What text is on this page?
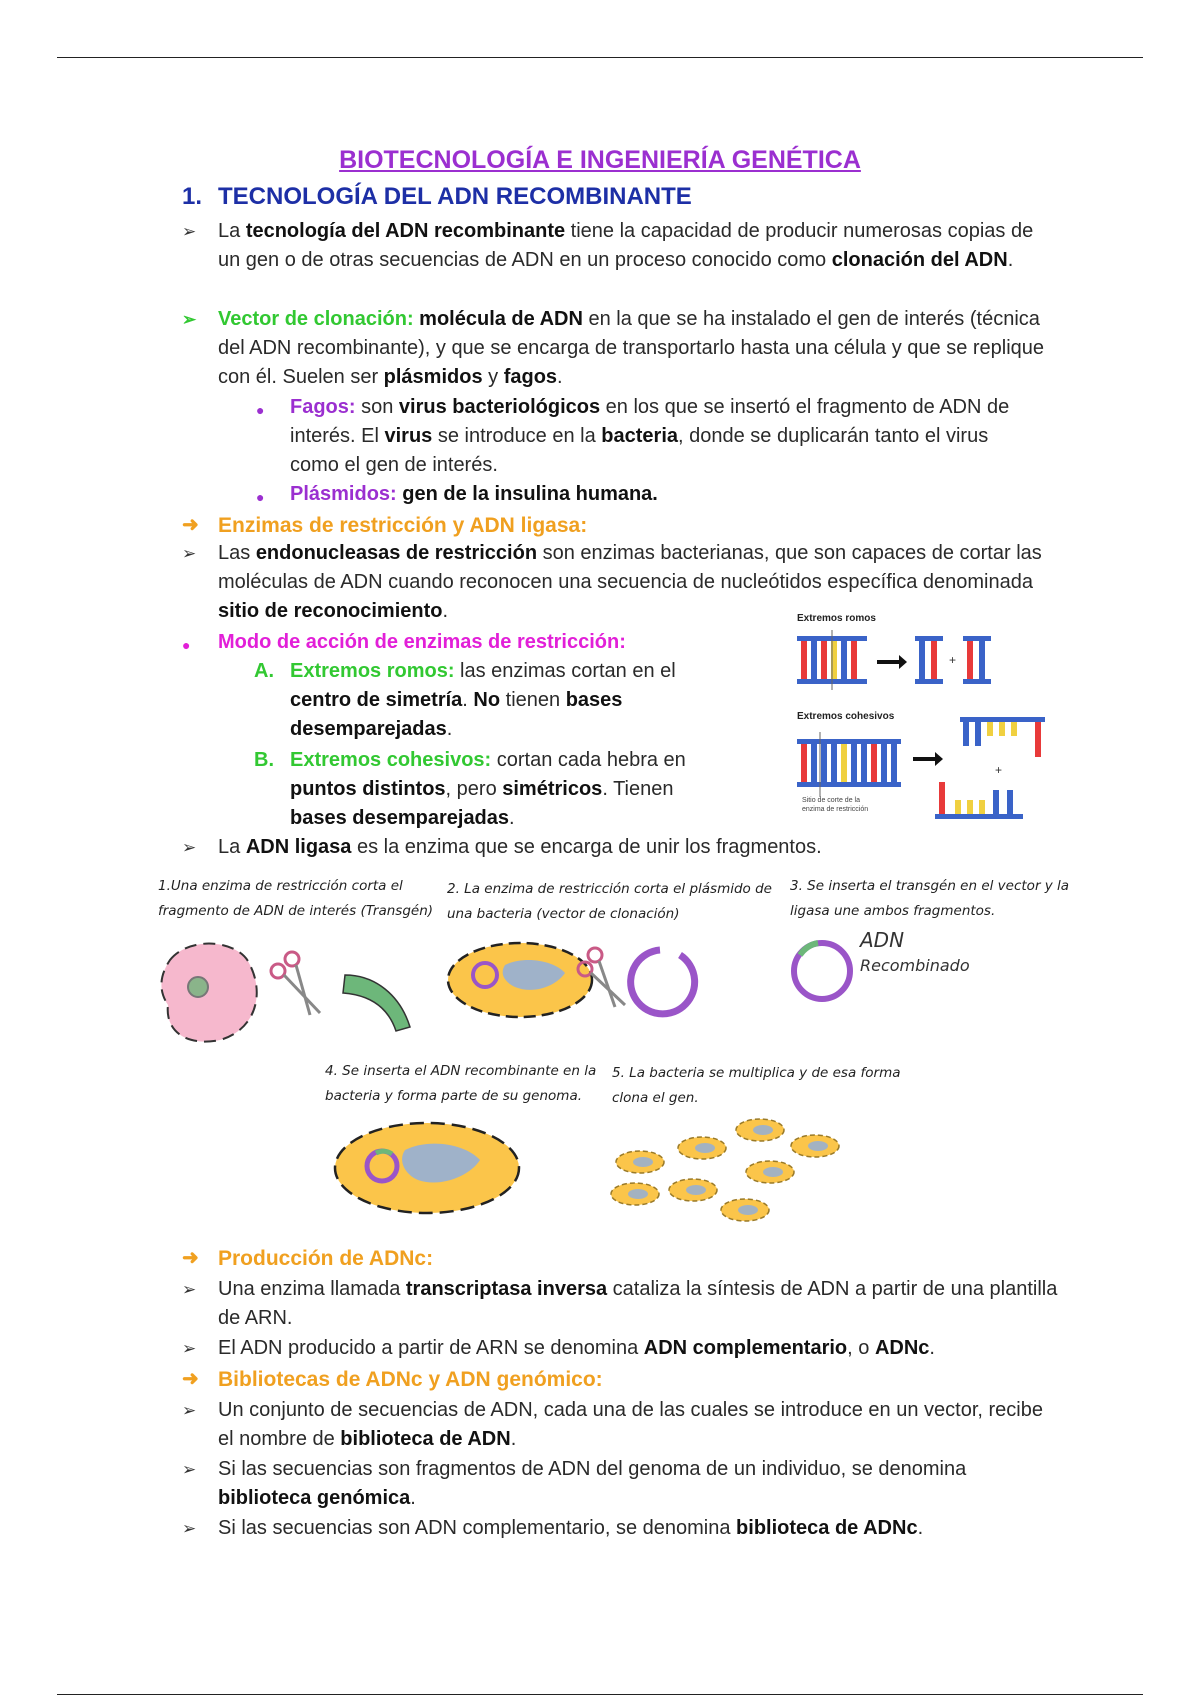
BIOTECNOLOGÍA E INGENIERÍA GENÉTICA
1. TECNOLOGÍA DEL ADN RECOMBINANTE
➢ La tecnología del ADN recombinante tiene la capacidad de producir numerosas copias de un gen o de otras secuencias de ADN en un proceso conocido como clonación del ADN.
➢ Vector de clonación: molécula de ADN en la que se ha instalado el gen de interés (técnica del ADN recombinante), y que se encarga de transportarlo hasta una célula y que se replique con él. Suelen ser plásmidos y fagos.
● Fagos: son virus bacteriológicos en los que se insertó el fragmento de ADN de interés. El virus se introduce en la bacteria, donde se duplicarán tanto el virus como el gen de interés.
● Plásmidos: gen de la insulina humana.
➜ Enzimas de restricción y ADN ligasa:
➢ Las endonucleasas de restricción son enzimas bacterianas, que son capaces de cortar las moléculas de ADN cuando reconocen una secuencia de nucleótidos específica denominada sitio de reconocimiento.
● Modo de acción de enzimas de restricción:
A. Extremos romos: las enzimas cortan en el
centro de simetría. No tienen bases
desemparejadas.
B. Extremos cohesivos: cortan cada hebra en
puntos distintos, pero simétricos. Tienen
bases desemparejadas.
➢ La ADN ligasa es la enzima que se encarga de unir los fragmentos.
Extremos romos
+
Extremos cohesivos
+
Sitio de corte de la
enzima de restricción
1.Una enzima de restricción corta el
fragmento de ADN de interés (Transgén)
2. La enzima de restricción corta el plásmido de
una bacteria (vector de clonación)
3. Se inserta el transgén en el vector y la
ligasa une ambos fragmentos.
ADN
Recombinado
4. Se inserta el ADN recombinante en la
bacteria y forma parte de su genoma.
5. La bacteria se multiplica y de esa forma
clona el gen.
➜ Producción de ADNc:
➢ Una enzima llamada transcriptasa inversa cataliza la síntesis de ADN a partir de una plantilla de ARN.
➢ El ADN producido a partir de ARN se denomina ADN complementario, o ADNc.
➜ Bibliotecas de ADNc y ADN genómico:
➢ Un conjunto de secuencias de ADN, cada una de las cuales se introduce en un vector, recibe el nombre de biblioteca de ADN.
➢ Si las secuencias son fragmentos de ADN del genoma de un individuo, se denomina biblioteca genómica.
➢ Si las secuencias son ADN complementario, se denomina biblioteca de ADNc.
